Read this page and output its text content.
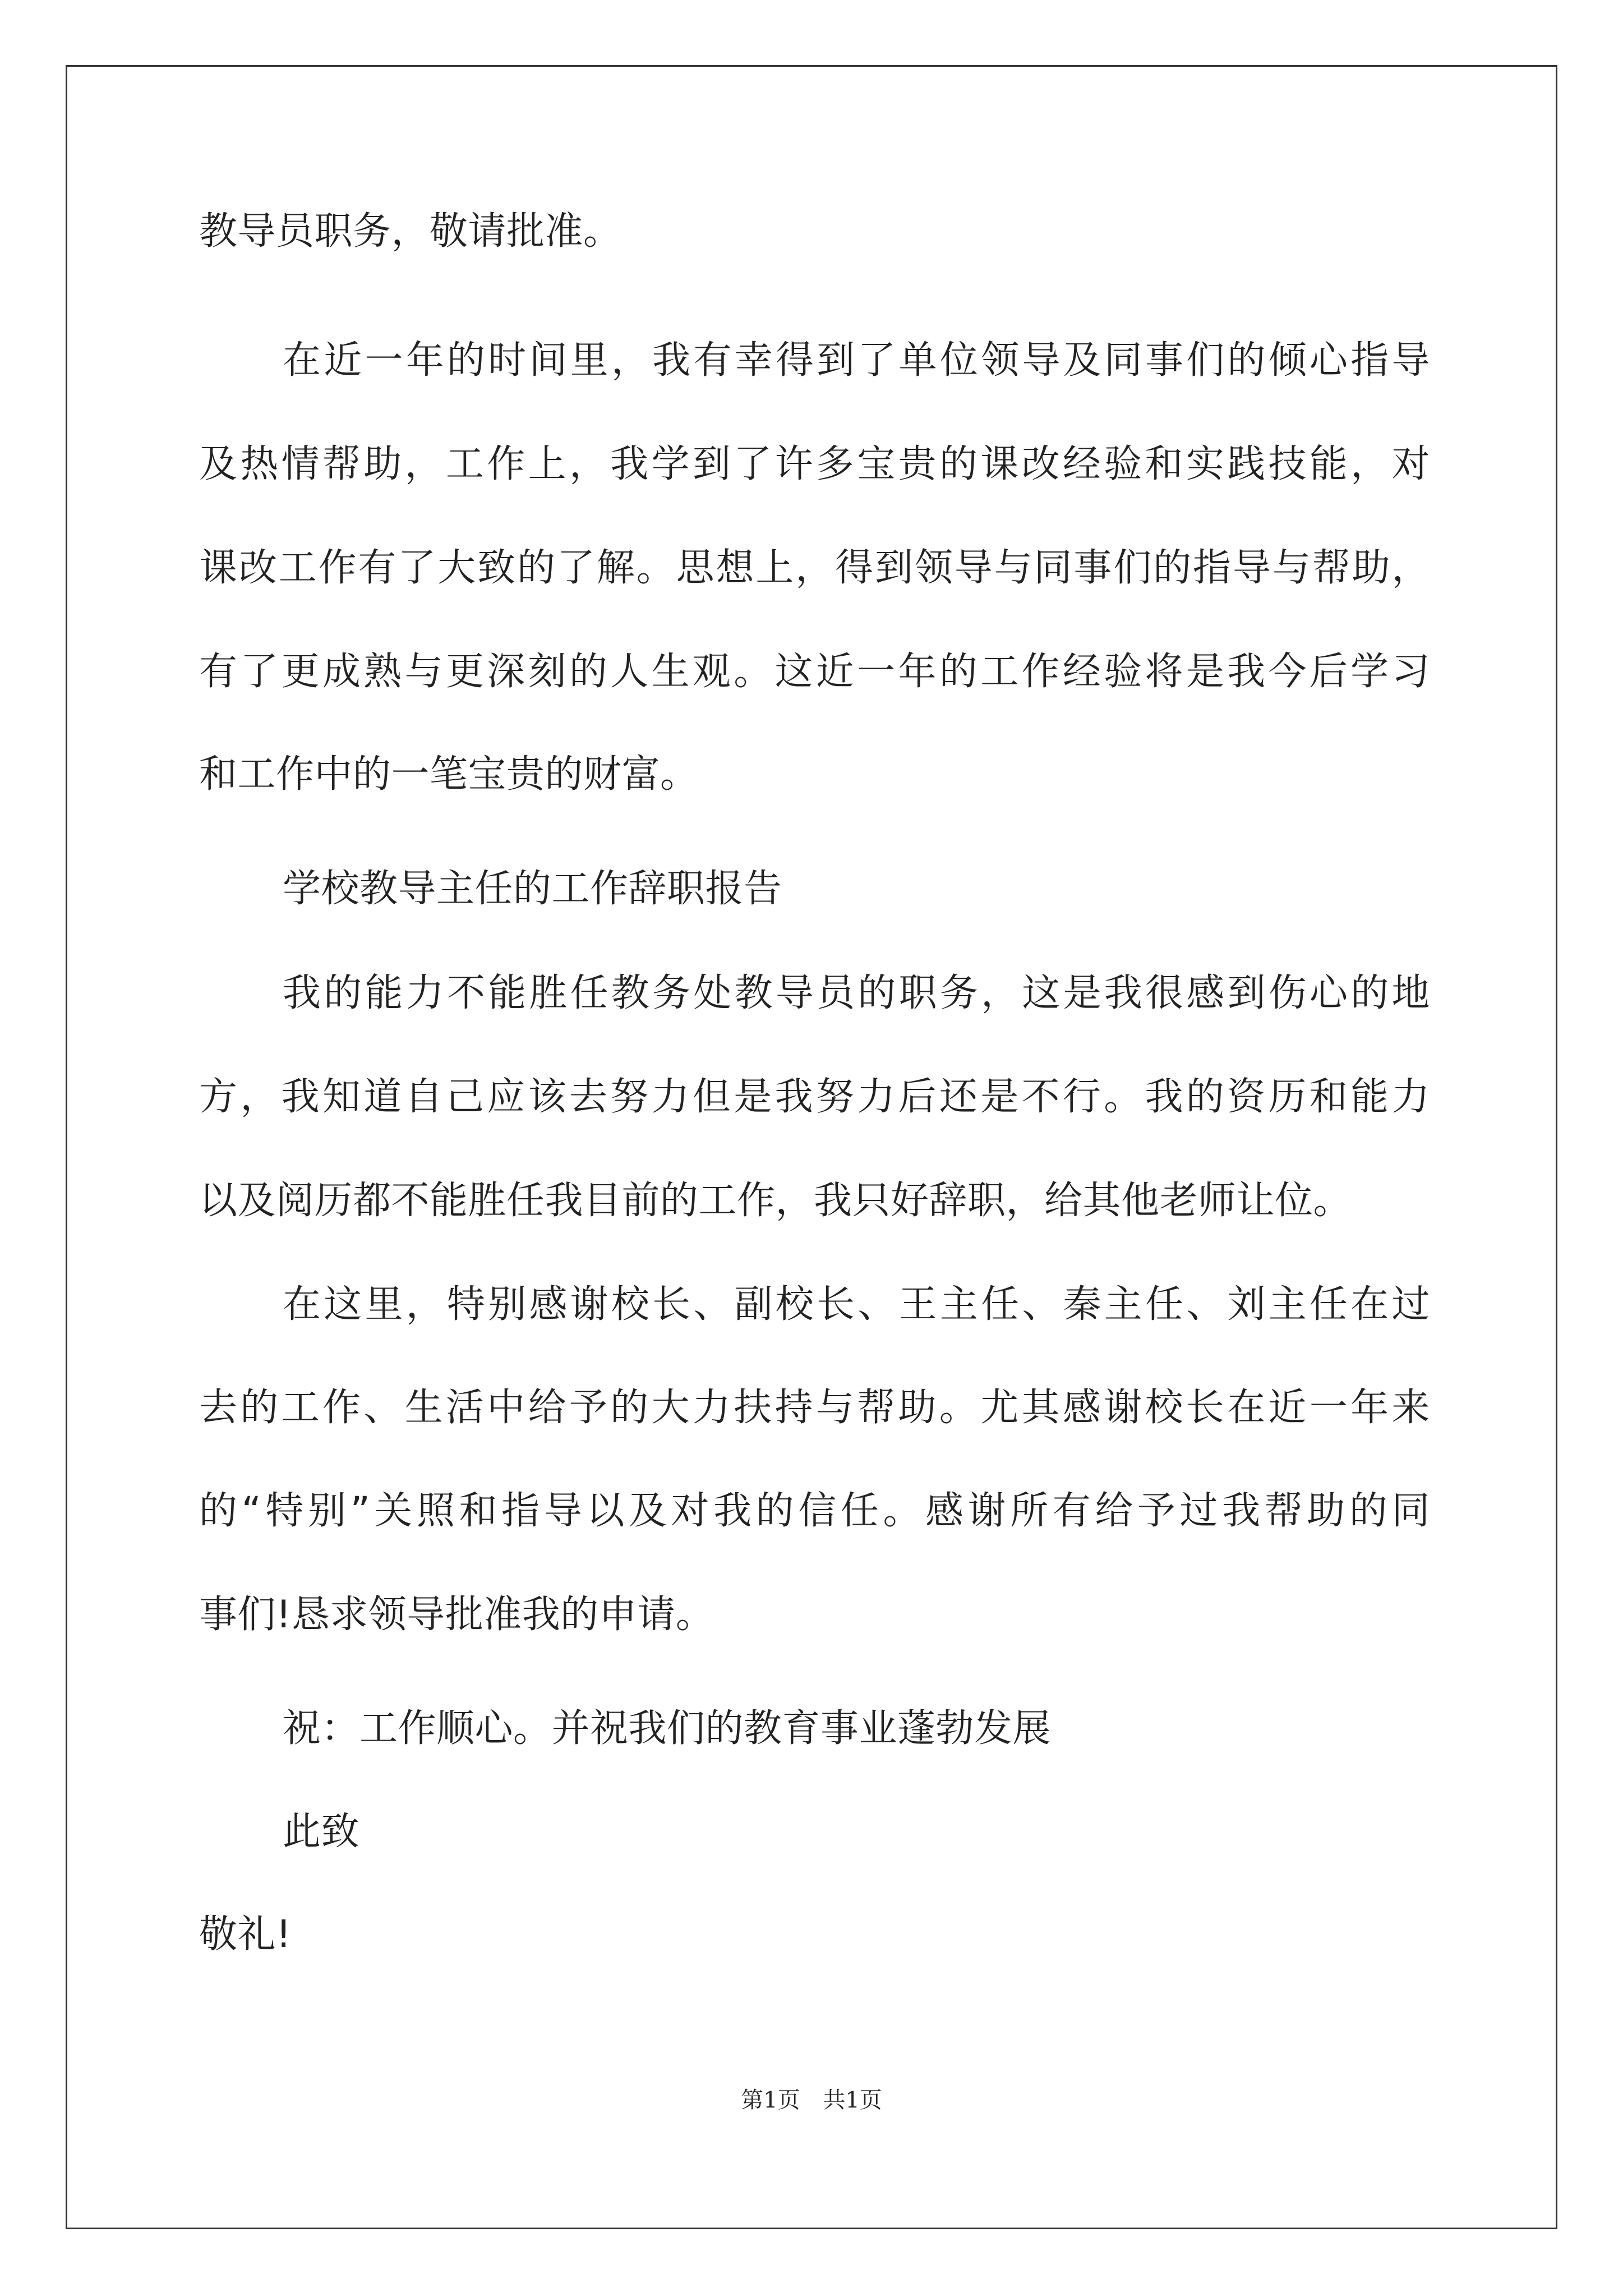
教导员职务，敬请批准。
在近一年的时间里，我有幸得到了单位领导及同事们的倾心指导
及热情帮助，工作上，我学到了许多宝贵的课改经验和实践技能，对
课改工作有了大致的了解。思想上，得到领导与同事们的指导与帮助，
有了更成熟与更深刻的人生观。这近一年的工作经验将是我今后学习
和工作中的一笔宝贵的财富。
学校教导主任的工作辞职报告
我的能力不能胜任教务处教导员的职务，这是我很感到伤心的地
方，我知道自己应该去努力但是我努力后还是不行。我的资历和能力
以及阅历都不能胜任我目前的工作，我只好辞职，给其他老师让位。
在这里，特别感谢校长、副校长、王主任、秦主任、刘主任在过
去的工作、生活中给予的大力扶持与帮助。尤其感谢校长在近一年来
的“特别”关照和指导以及对我的信任。感谢所有给予过我帮助的同
事们!恳求领导批准我的申请。
祝：工作顺心。并祝我们的教育事业蓬勃发展
此致
敬礼!
第1页 共1页
